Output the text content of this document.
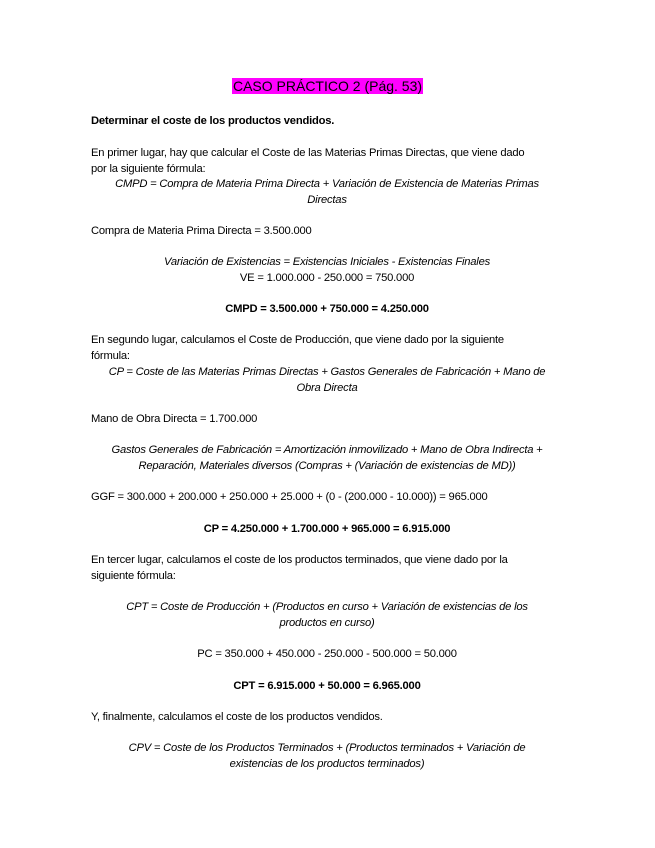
CASO PRÁCTICO 2 (Pág. 53)
Determinar el coste de los productos vendidos.
En primer lugar, hay que calcular el Coste de las Materias Primas Directas, que viene dado
por la siguiente fórmula:
CMPD = Compra de Materia Prima Directa + Variación de Existencia de Materias Primas
Directas
Compra de Materia Prima Directa = 3.500.000
Variación de Existencias = Existencias Iniciales - Existencias Finales
VE = 1.000.000 - 250.000 = 750.000
CMPD = 3.500.000 + 750.000 = 4.250.000
En segundo lugar, calculamos el Coste de Producción, que viene dado por la siguiente
fórmula:
CP = Coste de las Materias Primas Directas + Gastos Generales de Fabricación + Mano de
Obra Directa
Mano de Obra Directa = 1.700.000
Gastos Generales de Fabricación = Amortización inmovilizado + Mano de Obra Indirecta +
Reparación, Materiales diversos (Compras + (Variación de existencias de MD))
GGF = 300.000 + 200.000 + 250.000 + 25.000 + (0 - (200.000 - 10.000)) = 965.000
CP = 4.250.000 + 1.700.000 + 965.000 = 6.915.000
En tercer lugar, calculamos el coste de los productos terminados, que viene dado por la
siguiente fórmula:
CPT = Coste de Producción + (Productos en curso + Variación de existencias de los
productos en curso)
PC = 350.000 + 450.000 - 250.000 - 500.000 = 50.000
CPT = 6.915.000 + 50.000 = 6.965.000
Y, finalmente, calculamos el coste de los productos vendidos.
CPV = Coste de los Productos Terminados + (Productos terminados + Variación de
existencias de los productos terminados)
